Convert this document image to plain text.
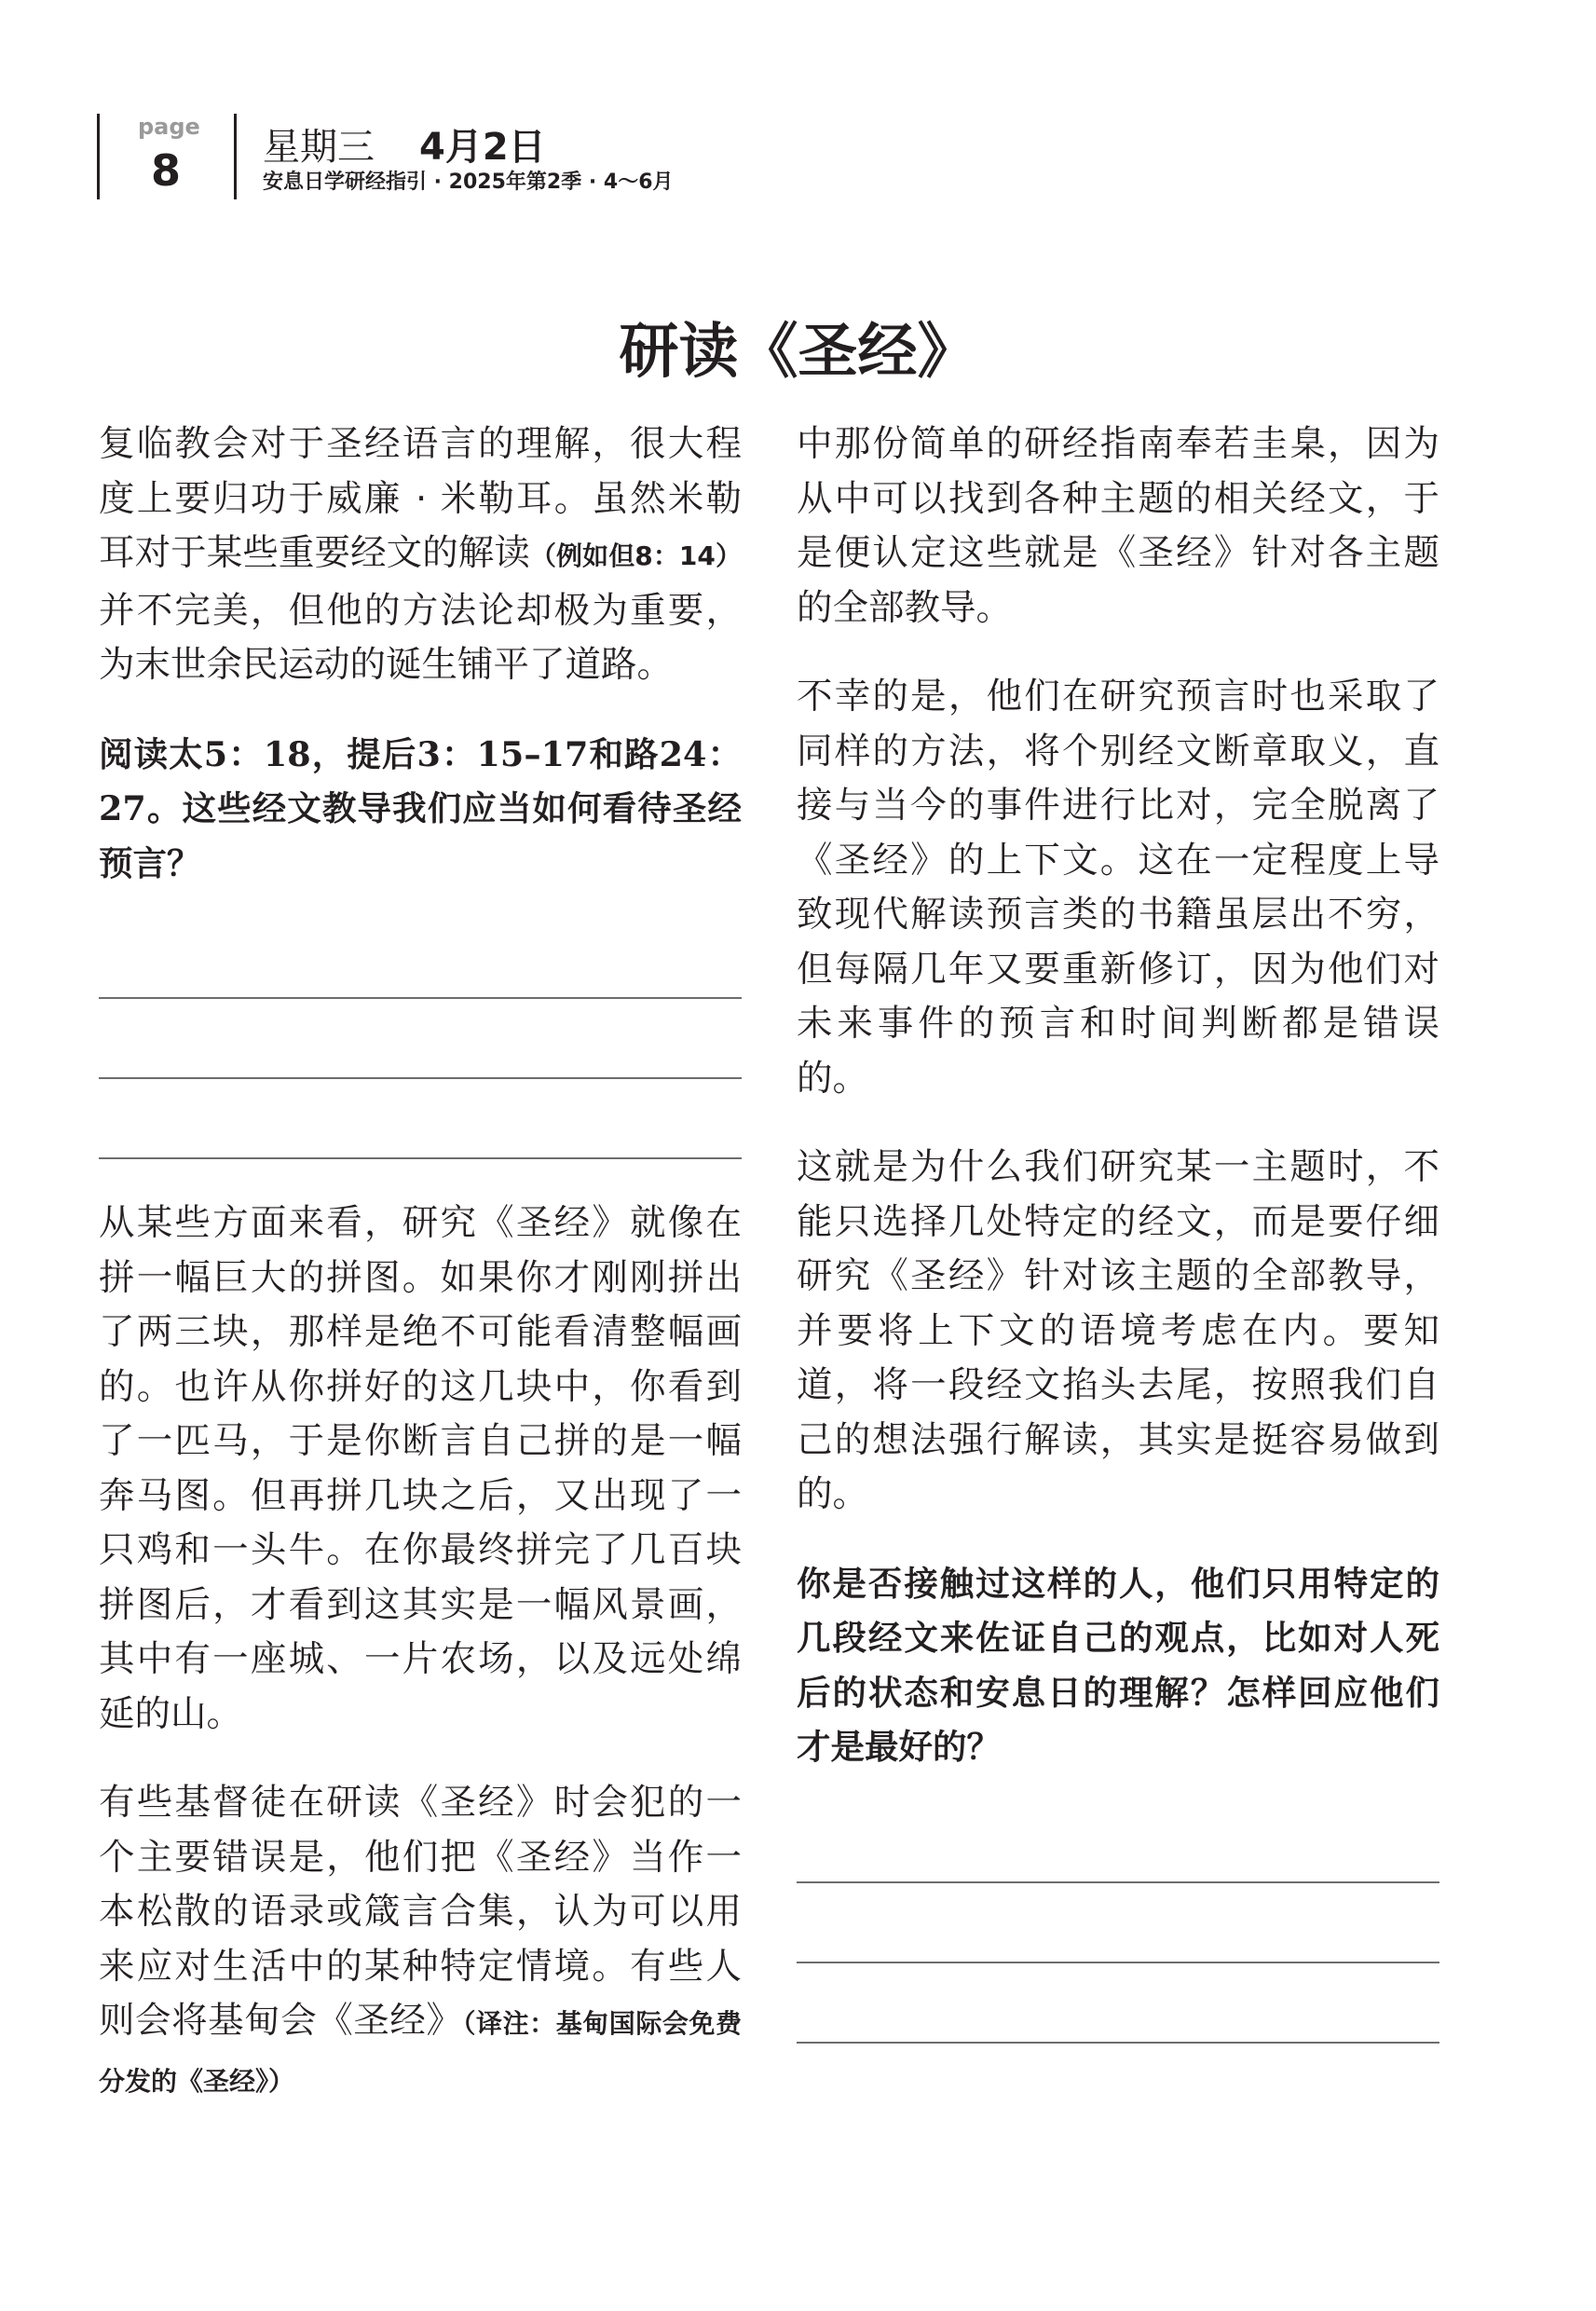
page
8	星期三 4月2日
安息日学研经指引 · 2025年第2季 · 4～6月
研读《圣经》

复临教会对于圣经语言的理解，很大程度上要归功于威廉 · 米勒耳。虽然米勒耳对于某些重要经文的解读（例如但8：14）并不完美，但他的方法论却极为重要，为末世余民运动的诞生铺平了道路。

阅读太5：18，提后3：15–17和路24：27。这些经文教导我们应当如何看待圣经预言？

从某些方面来看，研究《圣经》就像在拼一幅巨大的拼图。如果你才刚刚拼出了两三块，那样是绝不可能看清整幅画的。也许从你拼好的这几块中，你看到了一匹马，于是你断言自己拼的是一幅奔马图。但再拼几块之后，又出现了一只鸡和一头牛。在你最终拼完了几百块拼图后，才看到这其实是一幅风景画，其中有一座城、一片农场，以及远处绵延的山。

有些基督徒在研读《圣经》时会犯的一个主要错误是，他们把《圣经》当作一本松散的语录或箴言合集，认为可以用来应对生活中的某种特定情境。有些人则会将基甸会《圣经》（译注：基甸国际会免费分发的《圣经》）

中那份简单的研经指南奉若圭臬，因为从中可以找到各种主题的相关经文，于是便认定这些就是《圣经》针对各主题的全部教导。

不幸的是，他们在研究预言时也采取了同样的方法，将个别经文断章取义，直接与当今的事件进行比对，完全脱离了《圣经》的上下文。这在一定程度上导致现代解读预言类的书籍虽层出不穷，但每隔几年又要重新修订，因为他们对未来事件的预言和时间判断都是错误的。

这就是为什么我们研究某一主题时，不能只选择几处特定的经文，而是要仔细研究《圣经》针对该主题的全部教导，并要将上下文的语境考虑在内。要知道，将一段经文掐头去尾，按照我们自己的想法强行解读，其实是挺容易做到的。

你是否接触过这样的人，他们只用特定的几段经文来佐证自己的观点，比如对人死后的状态和安息日的理解？怎样回应他们才是最好的？
